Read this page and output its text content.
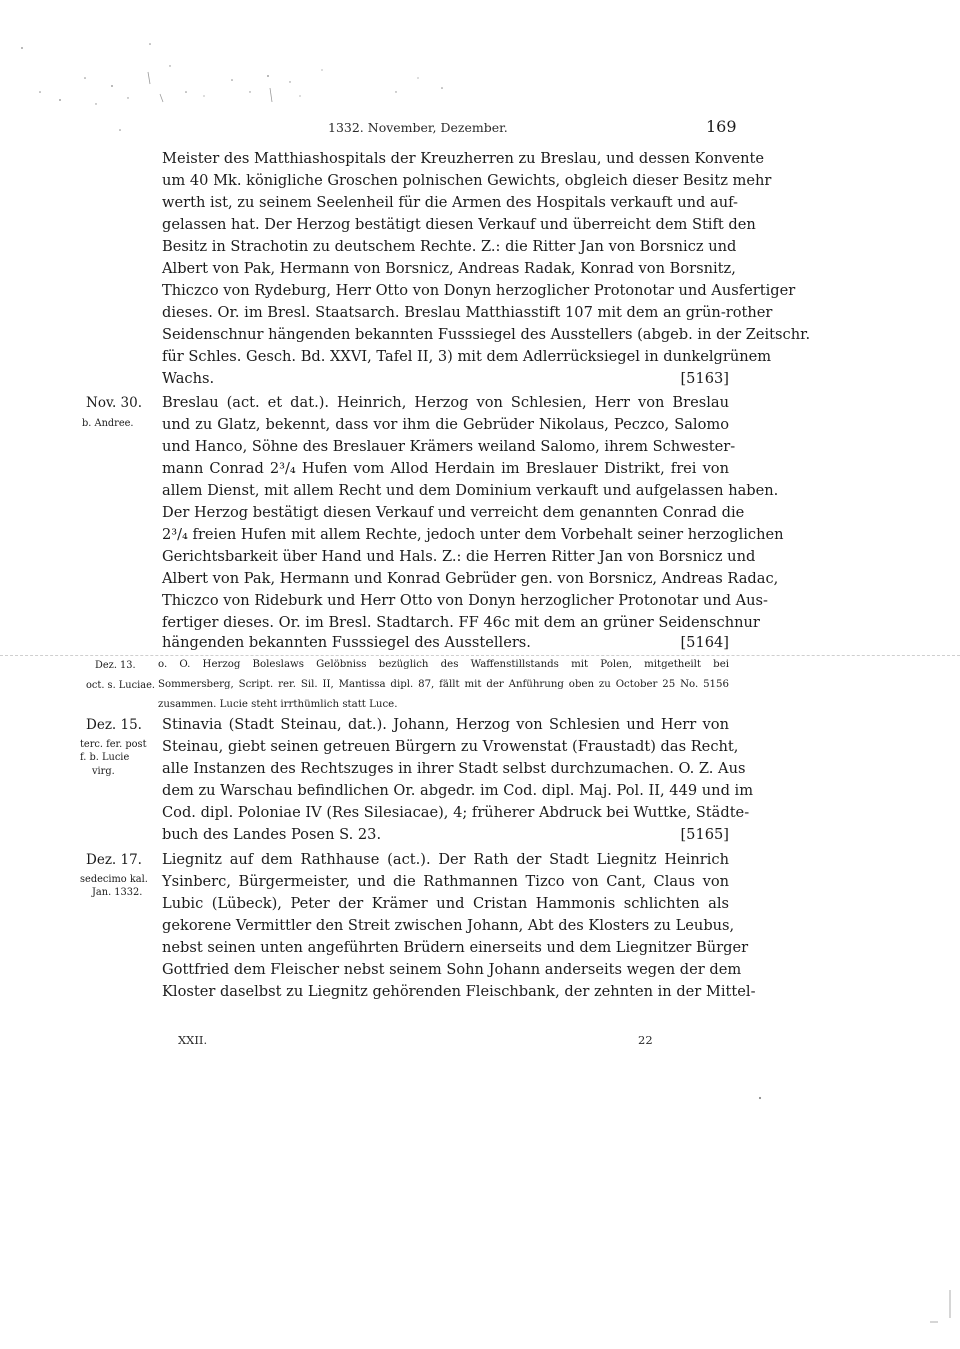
1332. November, Dezember.	169
Meister des Matthiashospitals der Kreuzherren zu Breslau, und dessen Konvente
um 40 Mk. königliche Groschen polnischen Gewichts, obgleich dieser Besitz mehr
werth ist, zu seinem Seelenheil für die Armen des Hospitals verkauft und auf-
gelassen hat. Der Herzog bestätigt diesen Verkauf und überreicht dem Stift den
Besitz in Strachotin zu deutschem Rechte. Z.: die Ritter Jan von Borsnicz und
Albert von Pak, Hermann von Borsnicz, Andreas Radak, Konrad von Borsnitz,
Thiczco von Rydeburg, Herr Otto von Donyn herzoglicher Protonotar und Ausfertiger
dieses. Or. im Bresl. Staatsarch. Breslau Matthiasstift 107 mit dem an grün-rother
Seidenschnur hängenden bekannten Fusssiegel des Ausstellers (abgeb. in der Zeitschr.
für Schles. Gesch. Bd. XXVI, Tafel II, 3) mit dem Adlerrücksiegel in dunkelgrünem
Wachs.	[5163]
Nov. 30.
b. Andree.
Breslau (act. et dat.). Heinrich, Herzog von Schlesien, Herr von Breslau
und zu Glatz, bekennt, dass vor ihm die Gebrüder Nikolaus, Peczco, Salomo
und Hanco, Söhne des Breslauer Krämers weiland Salomo, ihrem Schwester-
mann Conrad 2³/₄ Hufen vom Allod Herdain im Breslauer Distrikt, frei von
allem Dienst, mit allem Recht und dem Dominium verkauft und aufgelassen haben.
Der Herzog bestätigt diesen Verkauf und verreicht dem genannten Conrad die
2³/₄ freien Hufen mit allem Rechte, jedoch unter dem Vorbehalt seiner herzoglichen
Gerichtsbarkeit über Hand und Hals. Z.: die Herren Ritter Jan von Borsnicz und
Albert von Pak, Hermann und Konrad Gebrüder gen. von Borsnicz, Andreas Radac,
Thiczco von Rideburk und Herr Otto von Donyn herzoglicher Protonotar und Aus-
fertiger dieses. Or. im Bresl. Stadtarch. FF 46c mit dem an grüner Seidenschnur
hängenden bekannten Fusssiegel des Ausstellers.	[5164]
Dez. 13.
oct. s. Luciae.
o. O. Herzog Boleslaws Gelöbniss bezüglich des Waffenstillstands mit Polen, mitgetheilt bei
Sommersberg, Script. rer. Sil. II, Mantissa dipl. 87, fällt mit der Anführung oben zu October 25 No. 5156
zusammen. Lucie steht irrthümlich statt Luce.
Dez. 15.
terc. fer. post
f. b. Lucie
virg.
Stinavia (Stadt Steinau, dat.). Johann, Herzog von Schlesien und Herr von
Steinau, giebt seinen getreuen Bürgern zu Vrowenstat (Fraustadt) das Recht,
alle Instanzen des Rechtszuges in ihrer Stadt selbst durchzumachen. O. Z. Aus
dem zu Warschau befindlichen Or. abgedr. im Cod. dipl. Maj. Pol. II, 449 und im
Cod. dipl. Poloniae IV (Res Silesiacae), 4; früherer Abdruck bei Wuttke, Städte-
buch des Landes Posen S. 23.	[5165]
Dez. 17.
sedecimo kal.
Jan. 1332.
Liegnitz auf dem Rathhause (act.). Der Rath der Stadt Liegnitz Heinrich
Ysinberc, Bürgermeister, und die Rathmannen Tizco von Cant, Claus von
Lubic (Lübeck), Peter der Krämer und Cristan Hammonis schlichten als
gekorene Vermittler den Streit zwischen Johann, Abt des Klosters zu Leubus,
nebst seinen unten angeführten Brüdern einerseits und dem Liegnitzer Bürger
Gottfried dem Fleischer nebst seinem Sohn Johann anderseits wegen der dem
Kloster daselbst zu Liegnitz gehörenden Fleischbank, der zehnten in der Mittel-
XXII.	22
